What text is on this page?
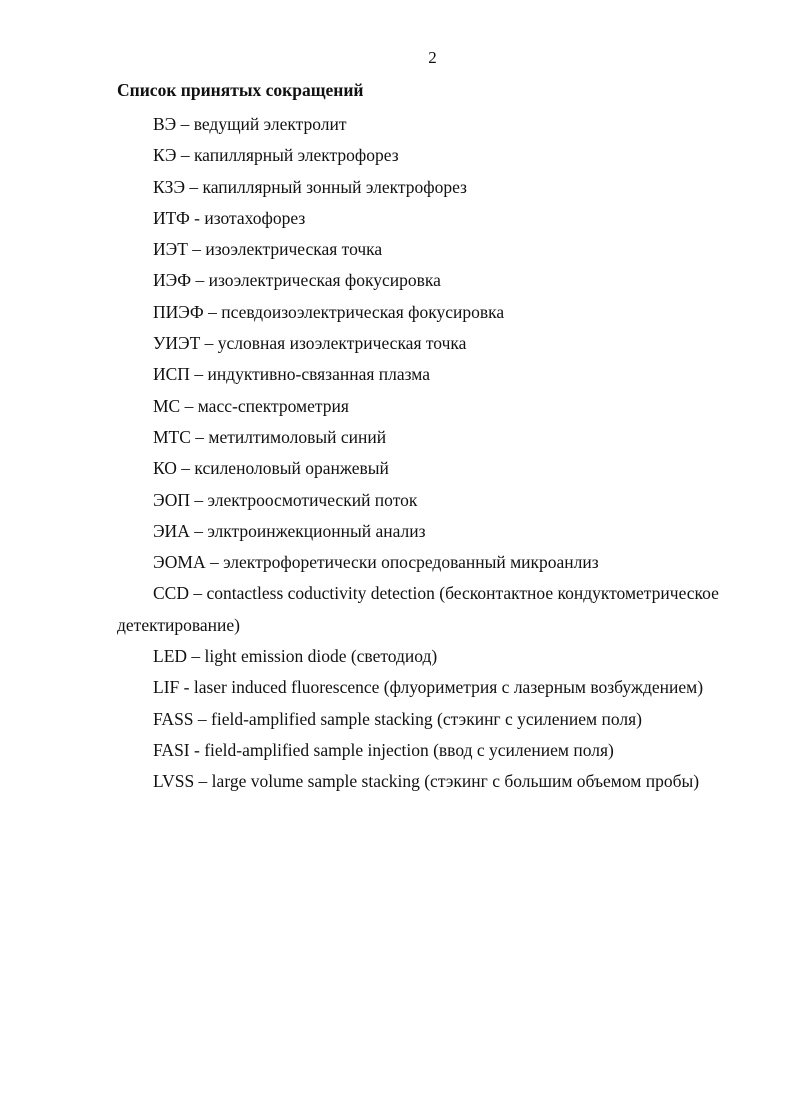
2
Список принятых сокращений
ВЭ – ведущий электролит
КЭ – капиллярный электрофорез
КЗЭ – капиллярный зонный электрофорез
ИТФ - изотахофорез
ИЭТ – изоэлектрическая точка
ИЭФ – изоэлектрическая фокусировка
ПИЭФ – псевдоизоэлектрическая фокусировка
УИЭТ – условная изоэлектрическая точка
ИСП – индуктивно-связанная плазма
МС – масс-спектрометрия
МТС – метилтимоловый синий
КО – ксиленоловый оранжевый
ЭОП – электроосмотический поток
ЭИА – элктроинжекционный анализ
ЭОМА – электрофоретически опосредованный микроанлиз
CCD – contactless coductivity detection (бесконтактное кондуктометрическое детектирование)
LED – light emission diode (светодиод)
LIF - laser induced fluorescence (флуориметрия с лазерным возбуждением)
FASS – field-amplified sample stacking (стэкинг с усилением поля)
FASI - field-amplified sample injection (ввод с усилением поля)
LVSS – large volume sample stacking (стэкинг с большим объемом пробы)
